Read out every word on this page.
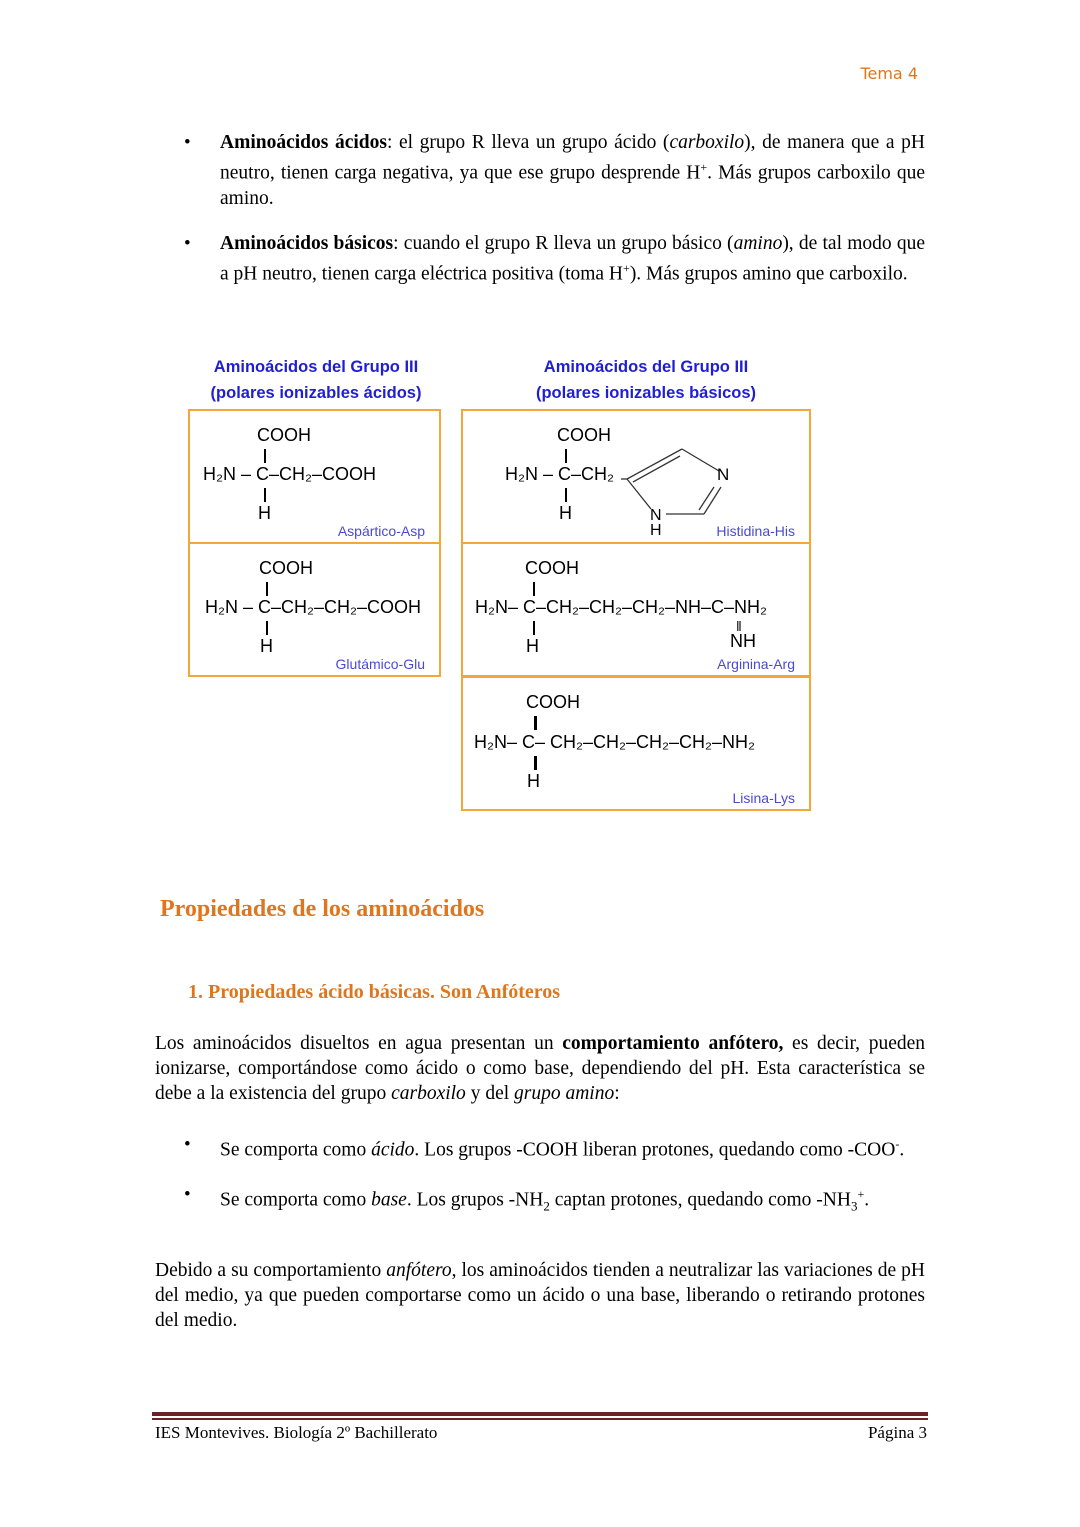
Tema 4
• Aminoácidos ácidos: el grupo R lleva un grupo ácido (carboxilo), de manera que a pH neutro, tienen carga negativa, ya que ese grupo desprende H+. Más grupos carboxilo que amino.
• Aminoácidos básicos: cuando el grupo R lleva un grupo básico (amino), de tal modo que a pH neutro, tienen carga eléctrica positiva (toma H+). Más grupos amino que carboxilo.
Aminoácidos del Grupo III
(polares ionizables ácidos)
Aminoácidos del Grupo III
(polares ionizables básicos)
COOH
H₂N – C–CH₂–COOH
H
Aspártico-Asp
COOH
H₂N – C–CH₂–CH₂–COOH
H
Glutámico-Glu
COOH
H₂N – C–CH₂
H
N
N
H	Histidina-His
COOH
H₂N– C–CH₂–CH₂–CH₂–NH–C–NH₂
H
‖
NH
Arginina-Arg
COOH
H₂N– C– CH₂–CH₂–CH₂–CH₂–NH₂
H
Lisina-Lys
Propiedades de los aminoácidos
1. Propiedades ácido básicas. Son Anfóteros
Los aminoácidos disueltos en agua presentan un comportamiento anfótero, es decir, pueden ionizarse, comportándose como ácido o como base, dependiendo del pH. Esta característica se debe a la existencia del grupo carboxilo y del grupo amino:
• Se comporta como ácido. Los grupos -COOH liberan protones, quedando como -COO-.
• Se comporta como base. Los grupos $-NH_2$ captan protones, quedando como $-NH_3^+$.
Debido a su comportamiento anfótero, los aminoácidos tienden a neutralizar las variaciones de pH del medio, ya que pueden comportarse como un ácido o una base, liberando o retirando protones del medio.
IES Montevives. Biología 2º Bachillerato	Página 3
